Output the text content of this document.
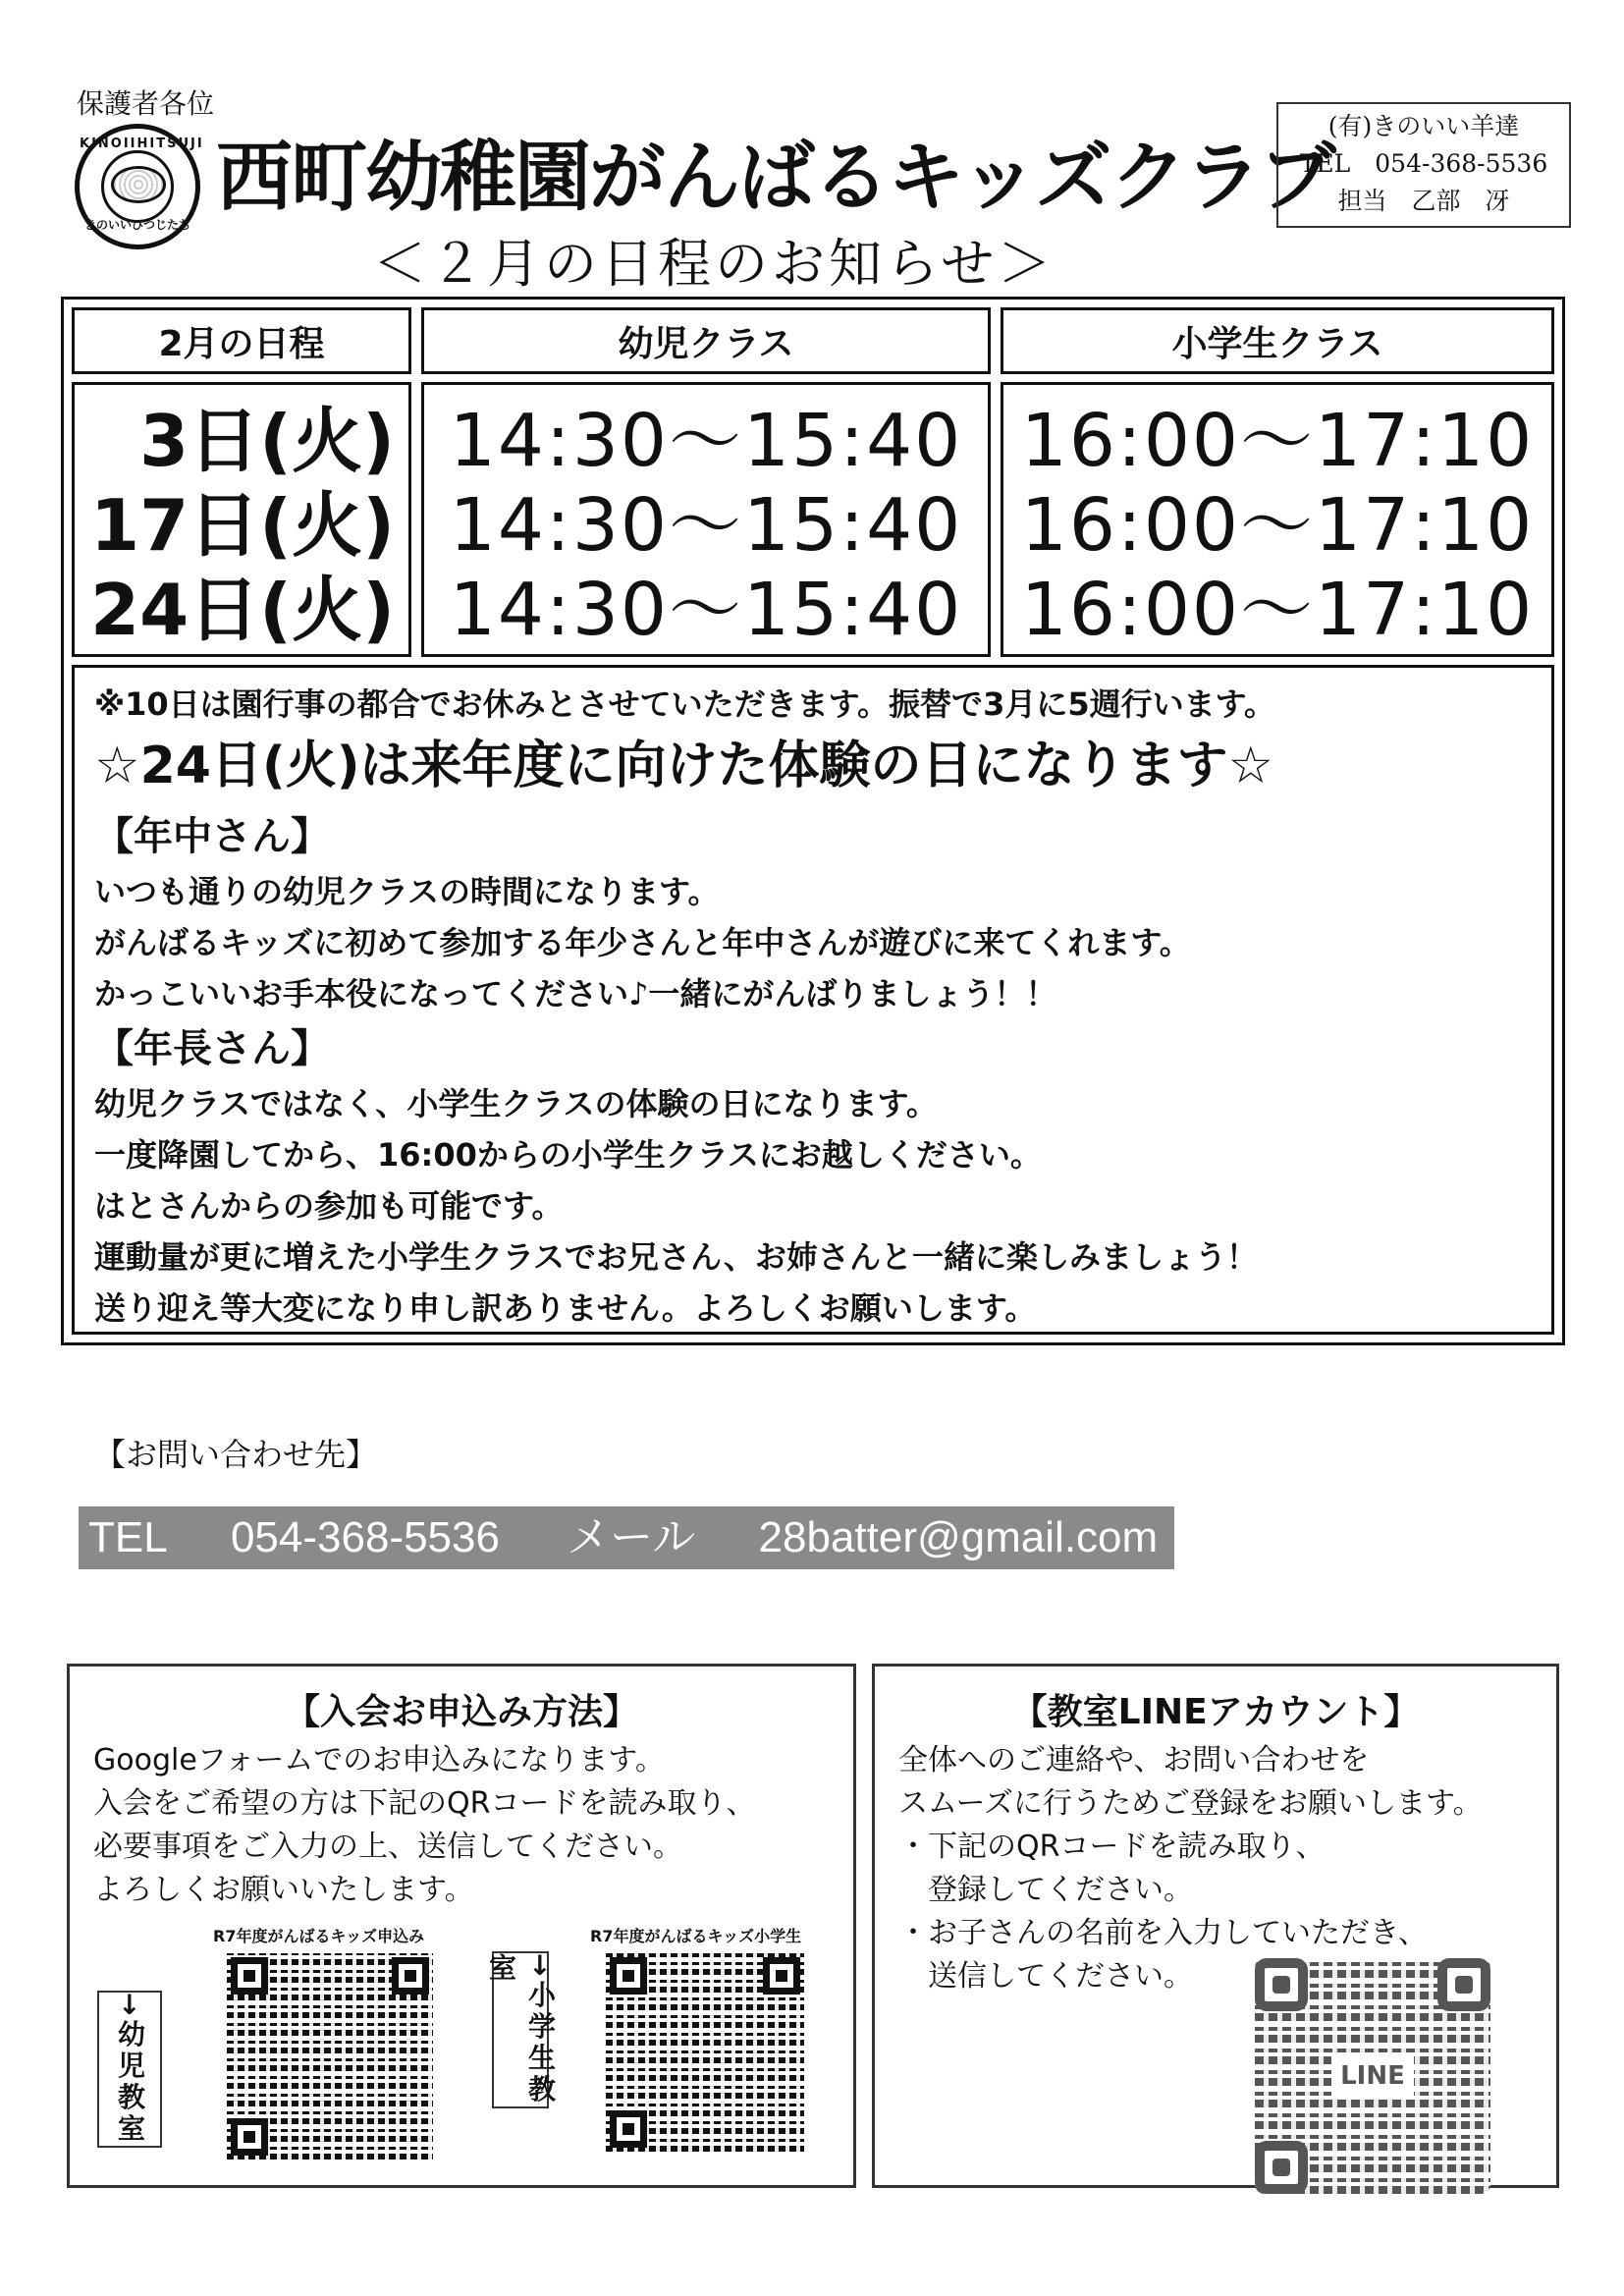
保護者各位
KINOIIHITSUJI
きのいいひつじたち
西町幼稚園がんばるキッズクラブ
＜２月の日程のお知らせ＞
(有)きのいい羊達
TEL　054-368-5536
担当　乙部　冴
2月の日程	幼児クラス	小学生クラス
3日(火)
17日(火)
24日(火)
14:30～15:40
14:30～15:40
14:30～15:40
16:00～17:10
16:00～17:10
16:00～17:10

※10日は園行事の都合でお休みとさせていただきます。振替で3月に5週行います。

☆24日(火)は来年度に向けた体験の日になります☆
【年中さん】
いつも通りの幼児クラスの時間になります。
がんばるキッズに初めて参加する年少さんと年中さんが遊びに来てくれます。
かっこいいお手本役になってください♪一緒にがんばりましょう！！
【年長さん】
幼児クラスではなく、小学生クラスの体験の日になります。
一度降園してから、16:00からの小学生クラスにお越しください。
はとさんからの参加も可能です。
運動量が更に増えた小学生クラスでお兄さん、お姉さんと一緒に楽しみましょう！
送り迎え等大変になり申し訳ありません。よろしくお願いします。
【お問い合わせ先】
TEL 054-368-5536 メール 28batter@gmail.com
【入会お申込み方法】
Googleフォームでのお申込みになります。
入会をご希望の方は下記のQRコードを読み取り、
必要事項をご入力の上、送信してください。
よろしくお願いいたします。
→幼児教室
R7年度がんばるキッズ申込み
→小学生教室
R7年度がんばるキッズ小学生
【教室LINEアカウント】
全体へのご連絡や、お問い合わせを
スムーズに行うためご登録をお願いします。
・下記のQRコードを読み取り、
　登録してください。
・お子さんの名前を入力していただき、
　送信してください。
LINE
